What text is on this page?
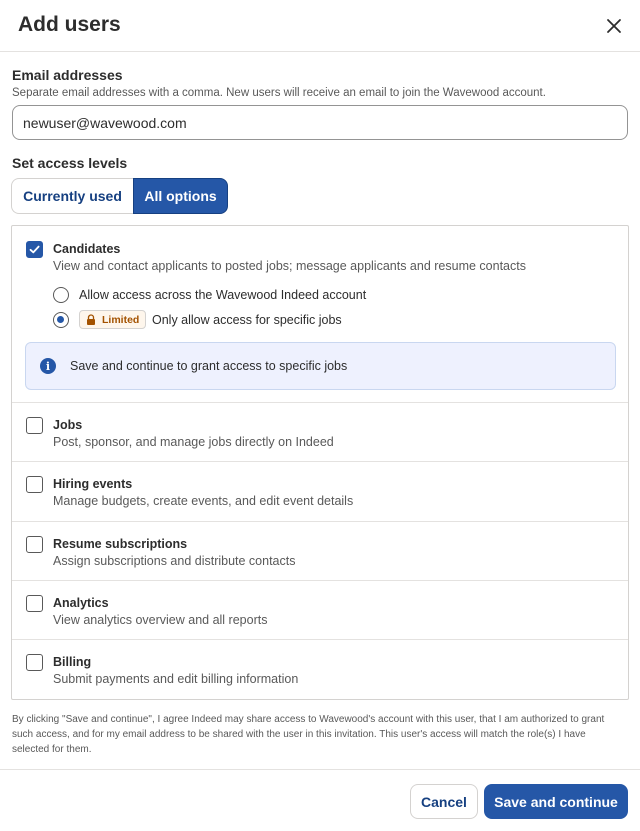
Add users
Email addresses
Separate email addresses with a comma. New users will receive an email to join the Wavewood account.
newuser@wavewood.com
Set access levels
Currently used	All options
Candidates
View and contact applicants to posted jobs; message applicants and resume contacts
Allow access across the Wavewood Indeed account
Limited Only allow access for specific jobs
i	Save and continue to grant access to specific jobs
Jobs
Post, sponsor, and manage jobs directly on Indeed
Hiring events
Manage budgets, create events, and edit event details
Resume subscriptions
Assign subscriptions and distribute contacts
Analytics
View analytics overview and all reports
Billing
Submit payments and edit billing information
By clicking "Save and continue", I agree Indeed may share access to Wavewood's account with this user, that I am authorized to grant such access, and for my email address to be shared with the user in this invitation. This user's access will match the role(s) I have selected for them.
Cancel	Save and continue
